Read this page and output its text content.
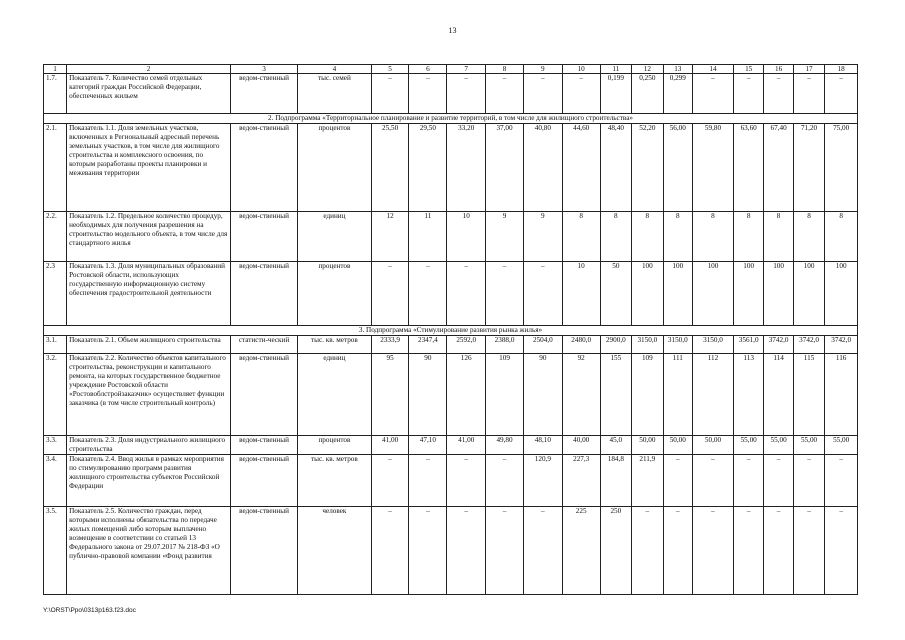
13
1	2	3	4	5	6	7	8	9	10	11	12	13	14	15	16	17	18
1.7.	Показатель 7. Количество семей отдельных категорий граждан Российской Федерации, обеспеченных жильем	ведом-ственный	тыс. семей	–	–	–	–	–	–	0,199	0,250	0,299	–	–	–	–	–
2. Подпрограмма «Территориальное планирование и развитие территорий, в том числе для жилищного строительства»																	
2.1.	Показатель 1.1. Доля земельных участков, включенных в Региональный адресный перечень земельных участков, в том числе для жилищного строительства и комплексного освоения, по которым разработаны проекты планировки и межевания территории	ведом-ственный	процентов	25,50	29,50	33,20	37,00	40,80	44,60	48,40	52,20	56,00	59,80	63,60	67,40	71,20	75,00
2.2.	Показатель 1.2. Предельное количество процедур, необходимых для получения разрешения на строительство модельного объекта, в том числе для стандартного жилья	ведом-ственный	единиц	12	11	10	9	9	8	8	8	8	8	8	8	8	8
2.3	Показатель 1.3. Доля муниципальных образований Ростовской области, использующих государственную информационную систему обеспечения градостроительной деятельности	ведом-ственный	процентов	–	–	–	–	–	10	50	100	100	100	100	100	100	100
3. Подпрограмма «Стимулирование развития рынка жилья»																	
3.1.	Показатель 2.1. Объем жилищного строительства	статисти-ческий	тыс. кв. метров	2333,9	2347,4	2592,0	2388,0	2504,0	2480,0	2900,0	3150,0	3150,0	3150,0	3561,0	3742,0	3742,0	3742,0
3.2.	Показатель 2.2. Количество объектов капитального строительства, реконструкции и капитального ремонта, на которых государственное бюджетное учреждение Ростовской области «Ростовоблстройзаказчик» осуществляет функции заказчика (в том числе строительный контроль)	ведом-ственный	единиц	95	90	126	109	90	92	155	109	111	112	113	114	115	116
3.3.	Показатель 2.3. Доля индустриального жилищного строительства	ведом-ственный	процентов	41,00	47,10	41,00	49,80	48,10	40,00	45,0	50,00	50,00	50,00	55,00	55,00	55,00	55,00
3.4.	Показатель 2.4. Ввод жилья в рамках мероприятия по стимулированию программ развития жилищного строительства субъектов Российской Федерации	ведом-ственный	тыс. кв. метров	–	–	–	–	120,9	227,3	184,8	211,9	–	–	–	–	–	–
3.5.	Показатель 2.5. Количество граждан, перед которыми исполнены обязательства по передаче жилых помещений либо которым выплачено возмещение в соответствии со статьей 13 Федерального закона от 29.07.2017 № 218-ФЗ «О публично-правовой компании «Фонд развития	ведом-ственный	человек	–	–	–	–	–	225	250	–	–	–	–	–	–	–
Y:\ORST\Ppo\0313p163.f23.doc
